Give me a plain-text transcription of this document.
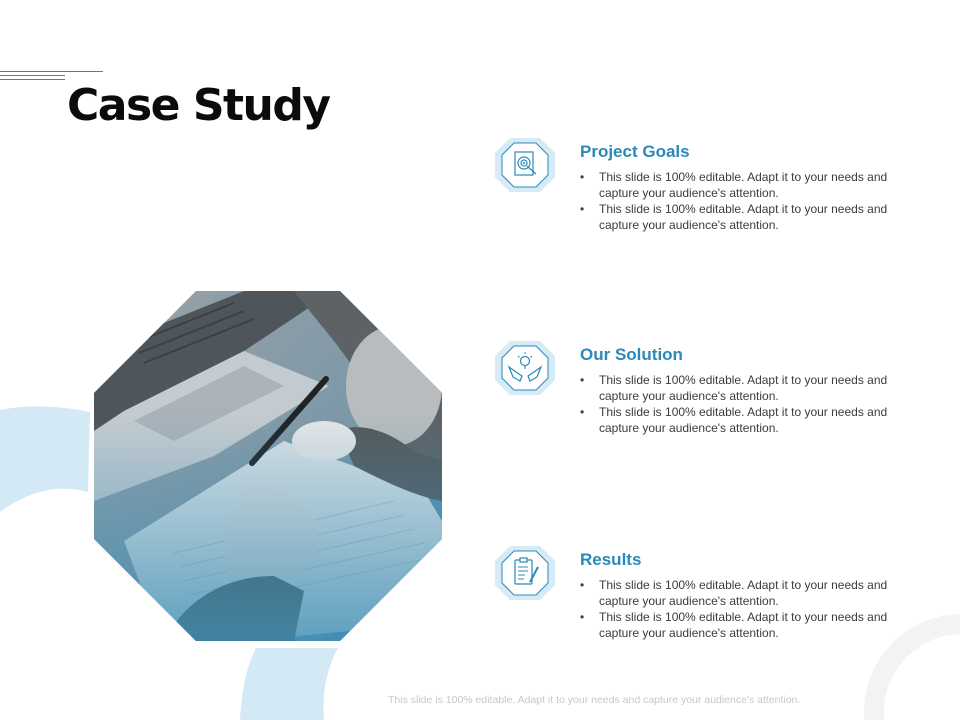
Case Study
Project Goals
• This slide is 100% editable. Adapt it to your needs and capture your audience's attention.
• This slide is 100% editable. Adapt it to your needs and capture your audience's attention.
Our Solution
• This slide is 100% editable. Adapt it to your needs and capture your audience's attention.
• This slide is 100% editable. Adapt it to your needs and capture your audience's attention.
Results
• This slide is 100% editable. Adapt it to your needs and capture your audience's attention.
• This slide is 100% editable. Adapt it to your needs and capture your audience's attention.
This slide is 100% editable. Adapt it to your needs and capture your audience's attention.
